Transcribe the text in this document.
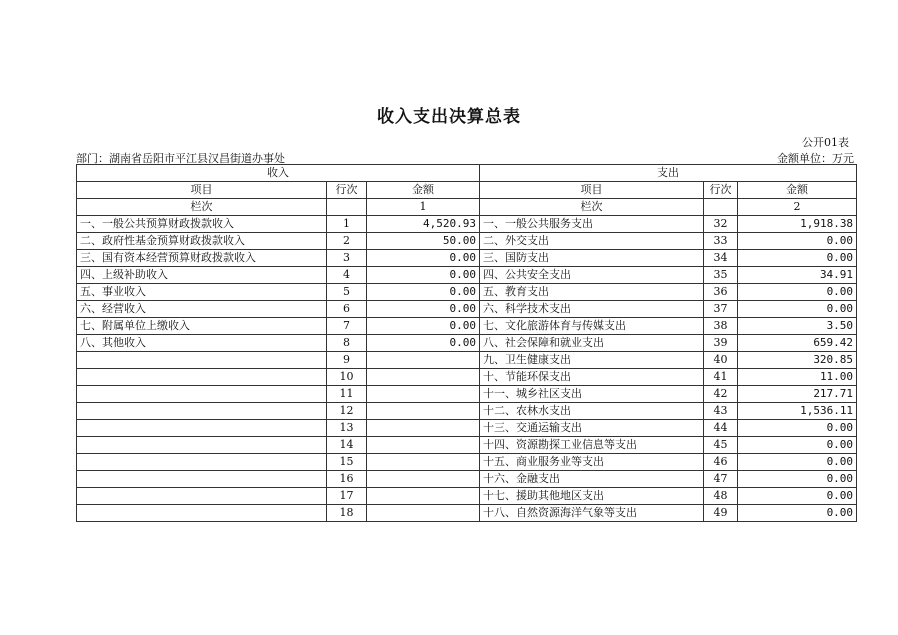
收入支出决算总表
公开01表
部门：湖南省岳阳市平江县汉昌街道办事处	金额单位：万元
收入			支出		
项目	行次	金额	项目	行次	金额
栏次		1	栏次		2
一、一般公共预算财政拨款收入	1	4,520.93	一、一般公共服务支出	32	1,918.38
二、政府性基金预算财政拨款收入	2	50.00	二、外交支出	33	0.00
三、国有资本经营预算财政拨款收入	3	0.00	三、国防支出	34	0.00
四、上级补助收入	4	0.00	四、公共安全支出	35	34.91
五、事业收入	5	0.00	五、教育支出	36	0.00
六、经营收入	6	0.00	六、科学技术支出	37	0.00
七、附属单位上缴收入	7	0.00	七、文化旅游体育与传媒支出	38	3.50
八、其他收入	8	0.00	八、社会保障和就业支出	39	659.42
	9		九、卫生健康支出	40	320.85
	10		十、节能环保支出	41	11.00
	11		十一、城乡社区支出	42	217.71
	12		十二、农林水支出	43	1,536.11
	13		十三、交通运输支出	44	0.00
	14		十四、资源勘探工业信息等支出	45	0.00
	15		十五、商业服务业等支出	46	0.00
	16		十六、金融支出	47	0.00
	17		十七、援助其他地区支出	48	0.00
	18		十八、自然资源海洋气象等支出	49	0.00
